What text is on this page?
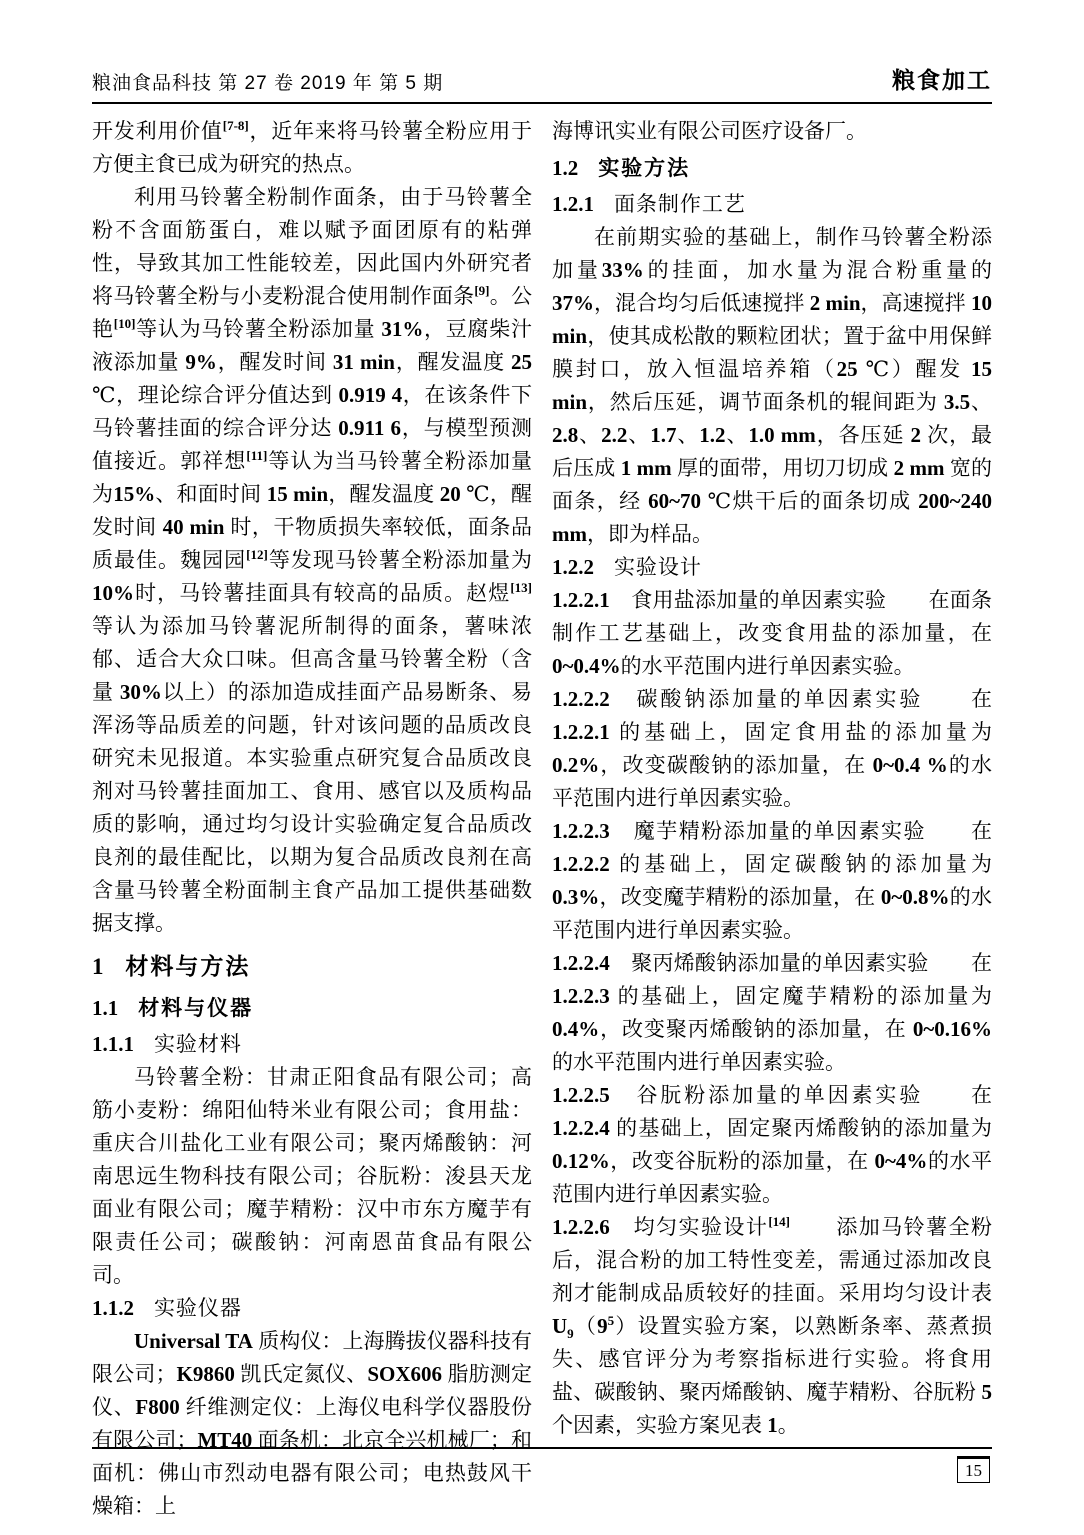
粮油食品科技 第 27 卷 2019 年 第 5 期	粮食加工

开发利用价值[7-8]，近年来将马铃薯全粉应用于方便主食已成为研究的热点。

利用马铃薯全粉制作面条，由于马铃薯全粉不含面筋蛋白，难以赋予面团原有的粘弹性，导致其加工性能较差，因此国内外研究者将马铃薯全粉与小麦粉混合使用制作面条[9]。公艳[10]等认为马铃薯全粉添加量 31%，豆腐柴汁液添加量 9%，醒发时间 31 min，醒发温度 25 ℃，理论综合评分值达到 0.919 4，在该条件下马铃薯挂面的综合评分达 0.911 6，与模型预测值接近。郭祥想[11]等认为当马铃薯全粉添加量为15%、和面时间 15 min，醒发温度 20 ℃，醒发时间 40 min 时，干物质损失率较低，面条品质最佳。魏园园[12]等发现马铃薯全粉添加量为 10%时，马铃薯挂面具有较高的品质。赵煜[13]等认为添加马铃薯泥所制得的面条，薯味浓郁、适合大众口味。但高含量马铃薯全粉（含量 30%以上）的添加造成挂面产品易断条、易浑汤等品质差的问题，针对该问题的品质改良研究未见报道。本实验重点研究复合品质改良剂对马铃薯挂面加工、食用、感官以及质构品质的影响，通过均匀设计实验确定复合品质改良剂的最佳配比，以期为复合品质改良剂在高含量马铃薯全粉面制主食产品加工提供基础数据支撑。

1 材料与方法
1.1 材料与仪器
1.1.1 实验材料

马铃薯全粉：甘肃正阳食品有限公司；高筋小麦粉：绵阳仙特米业有限公司；食用盐：重庆合川盐化工业有限公司；聚丙烯酸钠：河南思远生物科技有限公司；谷朊粉：浚县天龙面业有限公司；魔芋精粉：汉中市东方魔芋有限责任公司；碳酸钠：河南恩苗食品有限公司。

1.1.2 实验仪器

Universal TA 质构仪：上海腾拔仪器科技有限公司；K9860 凯氏定氮仪、SOX606 脂肪测定仪、F800 纤维测定仪：上海仪电科学仪器股份有限公司；MT40 面条机：北京全兴机械厂；和面机：佛山市烈动电器有限公司；电热鼓风干燥箱：上

海博讯实业有限公司医疗设备厂。

1.2 实验方法
1.2.1 面条制作工艺

在前期实验的基础上，制作马铃薯全粉添加量33%的挂面，加水量为混合粉重量的 37%，混合均匀后低速搅拌 2 min，高速搅拌 10 min，使其成松散的颗粒团状；置于盆中用保鲜膜封口，放入恒温培养箱（25 ℃）醒发 15 min，然后压延，调节面条机的辊间距为 3.5、2.8、2.2、1.7、1.2、1.0 mm，各压延 2 次，最后压成 1 mm 厚的面带，用切刀切成 2 mm 宽的面条，经 60~70 ℃烘干后的面条切成 200~240 mm，即为样品。

1.2.2 实验设计

1.2.2.1　食用盐添加量的单因素实验　　在面条制作工艺基础上，改变食用盐的添加量，在 0~0.4%的水平范围内进行单因素实验。

1.2.2.2　碳酸钠添加量的单因素实验　　在 1.2.2.1 的基础上，固定食用盐的添加量为 0.2%，改变碳酸钠的添加量，在 0~0.4 %的水平范围内进行单因素实验。

1.2.2.3　魔芋精粉添加量的单因素实验　　在 1.2.2.2 的基础上，固定碳酸钠的添加量为 0.3%，改变魔芋精粉的添加量，在 0~0.8%的水平范围内进行单因素实验。

1.2.2.4　聚丙烯酸钠添加量的单因素实验　　在 1.2.2.3 的基础上，固定魔芋精粉的添加量为 0.4%，改变聚丙烯酸钠的添加量，在 0~0.16%的水平范围内进行单因素实验。

1.2.2.5　谷朊粉添加量的单因素实验　　在 1.2.2.4 的基础上，固定聚丙烯酸钠的添加量为 0.12%，改变谷朊粉的添加量，在 0~4%的水平范围内进行单因素实验。

1.2.2.6　均匀实验设计[14]　　添加马铃薯全粉后，混合粉的加工特性变差，需通过添加改良剂才能制成品质较好的挂面。采用均匀设计表 $U_9(9^5)$设置实验方案，以熟断条率、蒸煮损失、感官评分为考察指标进行实验。将食用盐、碳酸钠、聚丙烯酸钠、魔芋精粉、谷朊粉 5 个因素，实验方案见表 1。

15
